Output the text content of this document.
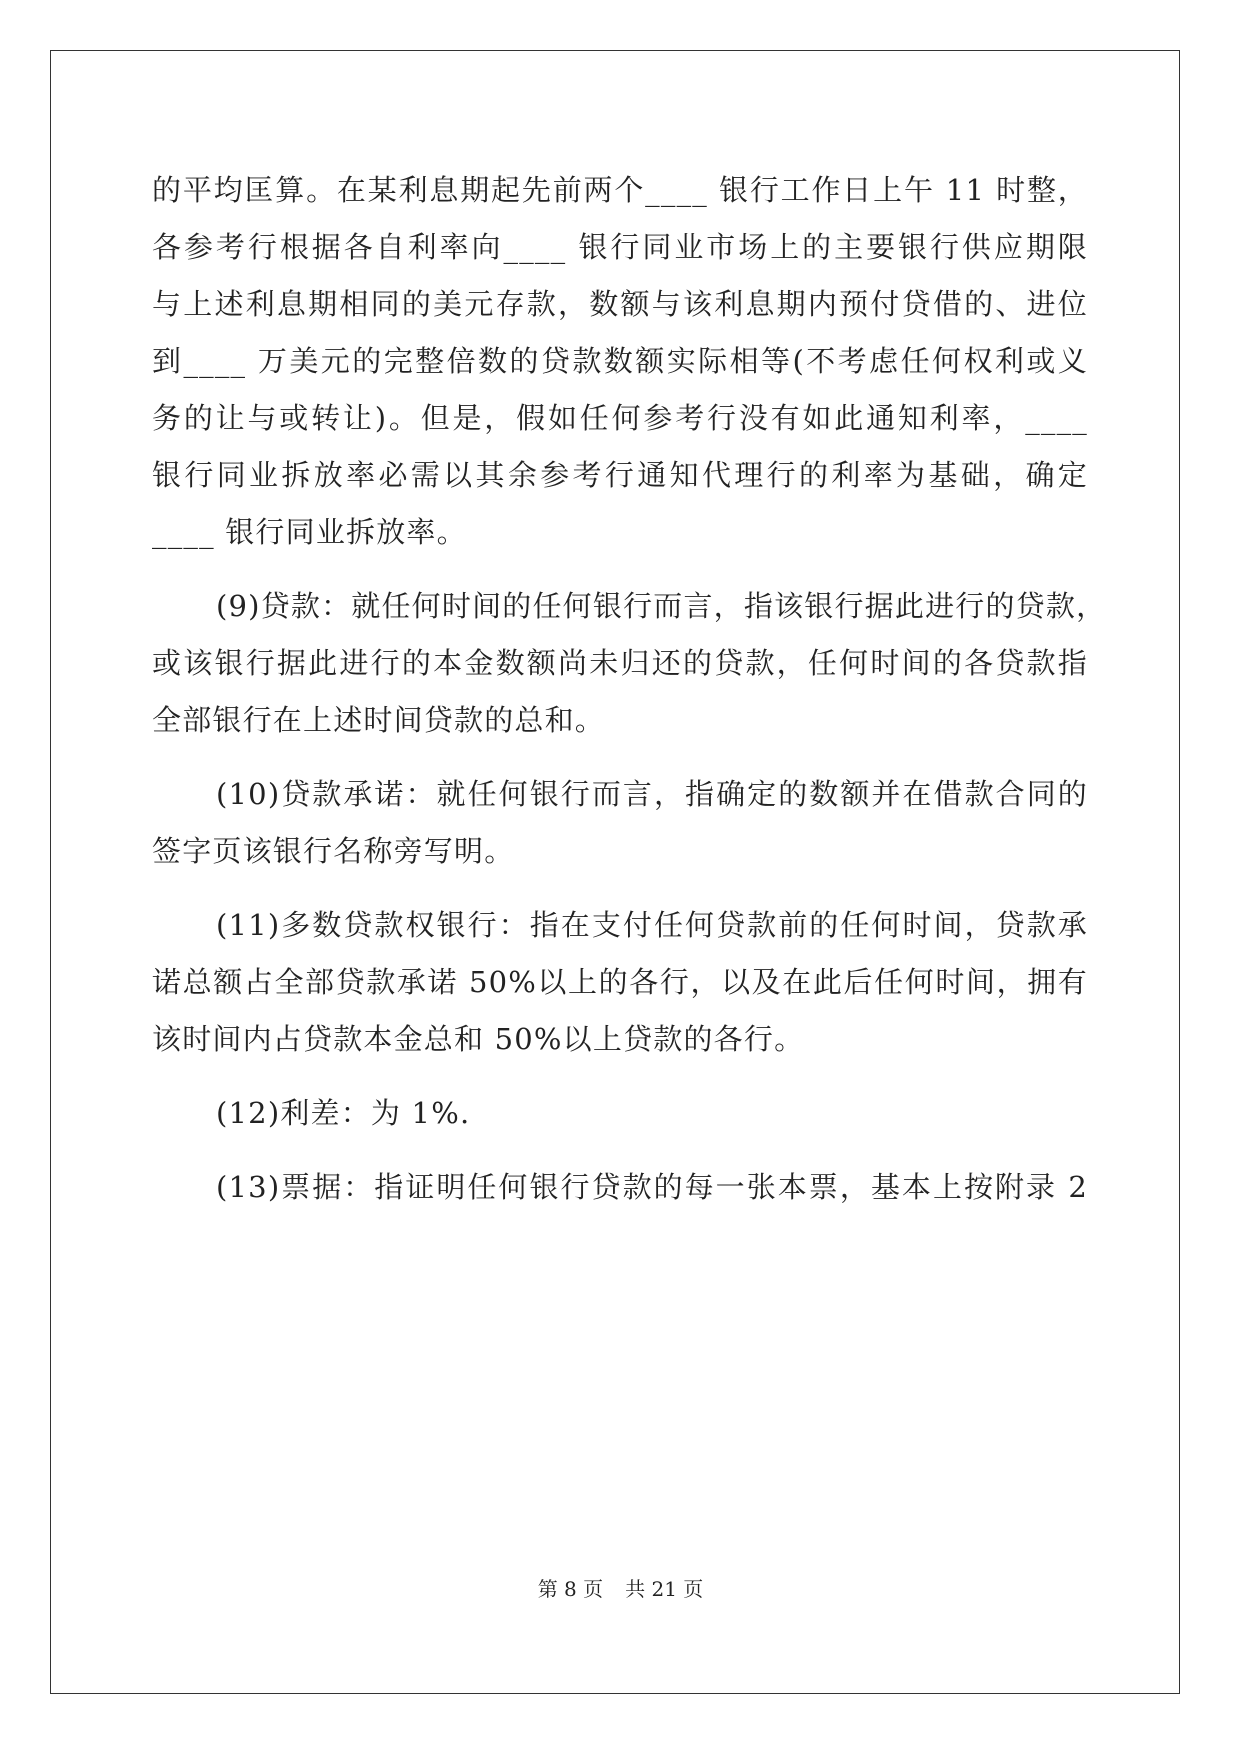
的平均匡算。在某利息期起先前两个____ 银行工作日上午 11 时整，
各参考行根据各自利率向____ 银行同业市场上的主要银行供应期限
与上述利息期相同的美元存款，数额与该利息期内预付贷借的、进位
到____ 万美元的完整倍数的贷款数额实际相等(不考虑任何权利或义
务的让与或转让)。但是，假如任何参考行没有如此通知利率，____
银行同业拆放率必需以其余参考行通知代理行的利率为基础，确定
____ 银行同业拆放率。
(9)贷款：就任何时间的任何银行而言，指该银行据此进行的贷款，
或该银行据此进行的本金数额尚未归还的贷款，任何时间的各贷款指
全部银行在上述时间贷款的总和。
(10)贷款承诺：就任何银行而言，指确定的数额并在借款合同的
签字页该银行名称旁写明。
(11)多数贷款权银行：指在支付任何贷款前的任何时间，贷款承
诺总额占全部贷款承诺 50%以上的各行，以及在此后任何时间，拥有
该时间内占贷款本金总和 50%以上贷款的各行。
(12)利差：为 1%.
(13)票据：指证明任何银行贷款的每一张本票，基本上按附录 2
第 8 页 共 21 页
